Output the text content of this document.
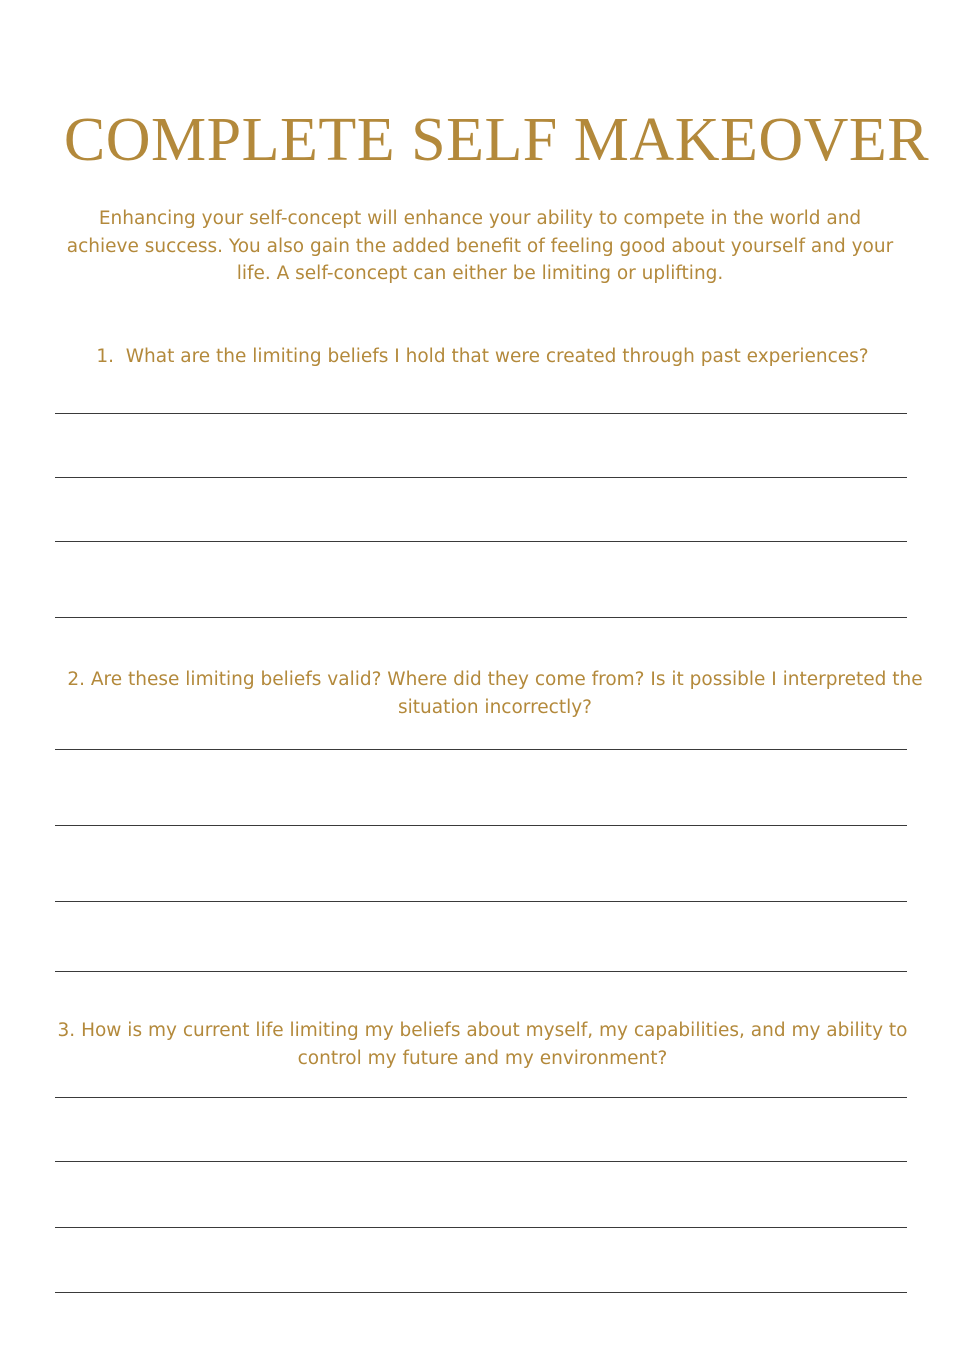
COMPLETE SELF MAKEOVER

Enhancing your self-concept will enhance your ability to compete in the world and achieve success. You also gain the added benefit of feeling good about yourself and your life. A self-concept can either be limiting or uplifting.

1. What are the limiting beliefs I hold that were created through past experiences?

2. Are these limiting beliefs valid? Where did they come from? Is it possible I interpreted the situation incorrectly?

3. How is my current life limiting my beliefs about myself, my capabilities, and my ability to control my future and my environment?
